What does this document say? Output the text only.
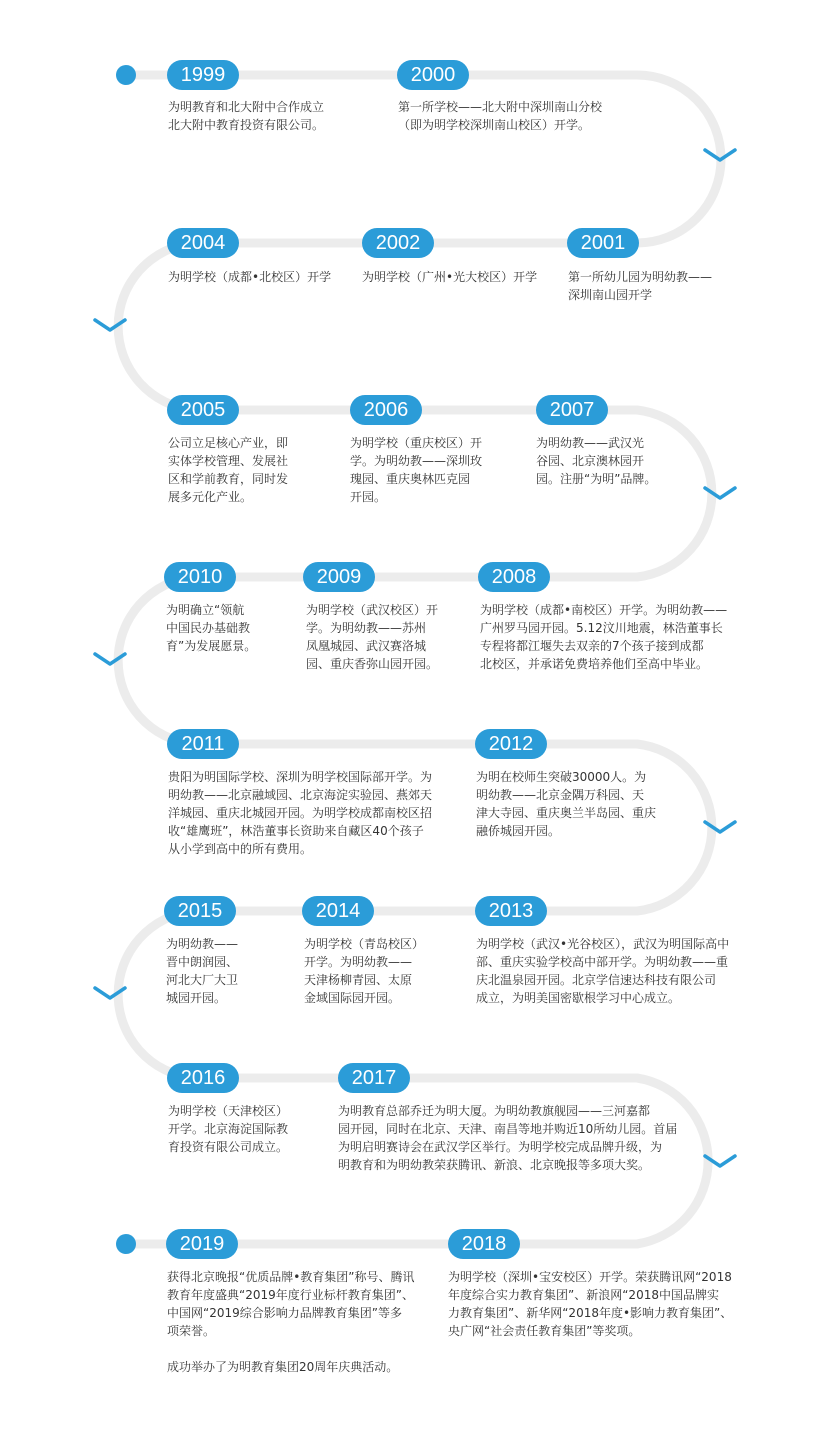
1999
为明教育和北大附中合作成立
北大附中教育投资有限公司。
2000
第一所学校——北大附中深圳南山分校
（即为明学校深圳南山校区）开学。
2001
第一所幼儿园为明幼教——
深圳南山园开学
2002
为明学校（广州•光大校区）开学
2004
为明学校（成都•北校区）开学
2005
公司立足核心产业，即
实体学校管理、发展社
区和学前教育，同时发
展多元化产业。
2006
为明学校（重庆校区）开
学。为明幼教——深圳玫
瑰园、重庆奥林匹克园
开园。
2007
为明幼教——武汉光
谷园、北京澳林园开
园。注册“为明”品牌。
2008
为明学校（成都•南校区）开学。为明幼教——
广州罗马园开园。5.12汶川地震，林浩董事长
专程将都江堰失去双亲的7个孩子接到成都
北校区，并承诺免费培养他们至高中毕业。
2009
为明学校（武汉校区）开
学。为明幼教——苏州
凤凰城园、武汉赛洛城
园、重庆香弥山园开园。
2010
为明确立“领航
中国民办基础教
育”为发展愿景。
2011
贵阳为明国际学校、深圳为明学校国际部开学。为
明幼教——北京融域园、北京海淀实验园、燕郊天
洋城园、重庆北城园开园。为明学校成都南校区招
收“雄鹰班”，林浩董事长资助来自藏区40个孩子
从小学到高中的所有费用。
2012
为明在校师生突破30000人。为
明幼教——北京金隅万科园、天
津大寺园、重庆奥兰半岛园、重庆
融侨城园开园。
2013
为明学校（武汉•光谷校区），武汉为明国际高中
部、重庆实验学校高中部开学。为明幼教——重
庆北温泉园开园。北京学信速达科技有限公司
成立，为明美国密歇根学习中心成立。
2014
为明学校（青岛校区）
开学。为明幼教——
天津杨柳青园、太原
金域国际园开园。
2015
为明幼教——
晋中朗润园、
河北大厂大卫
城园开园。
2016
为明学校（天津校区）
开学。北京海淀国际教
育投资有限公司成立。
2017
为明教育总部乔迁为明大厦。为明幼教旗舰园——三河嘉都
园开园，同时在北京、天津、南昌等地并购近10所幼儿园。首届
为明启明赛诗会在武汉学区举行。为明学校完成品牌升级，为
明教育和为明幼教荣获腾讯、新浪、北京晚报等多项大奖。
2018
为明学校（深圳•宝安校区）开学。荣获腾讯网“2018
年度综合实力教育集团”、新浪网“2018中国品牌实
力教育集团”、新华网“2018年度•影响力教育集团”、
央广网“社会责任教育集团”等奖项。
2019
获得北京晚报“优质品牌•教育集团”称号、腾讯
教育年度盛典“2019年度行业标杆教育集团”、
中国网“2019综合影响力品牌教育集团”等多
项荣誉。

成功举办了为明教育集团20周年庆典活动。
